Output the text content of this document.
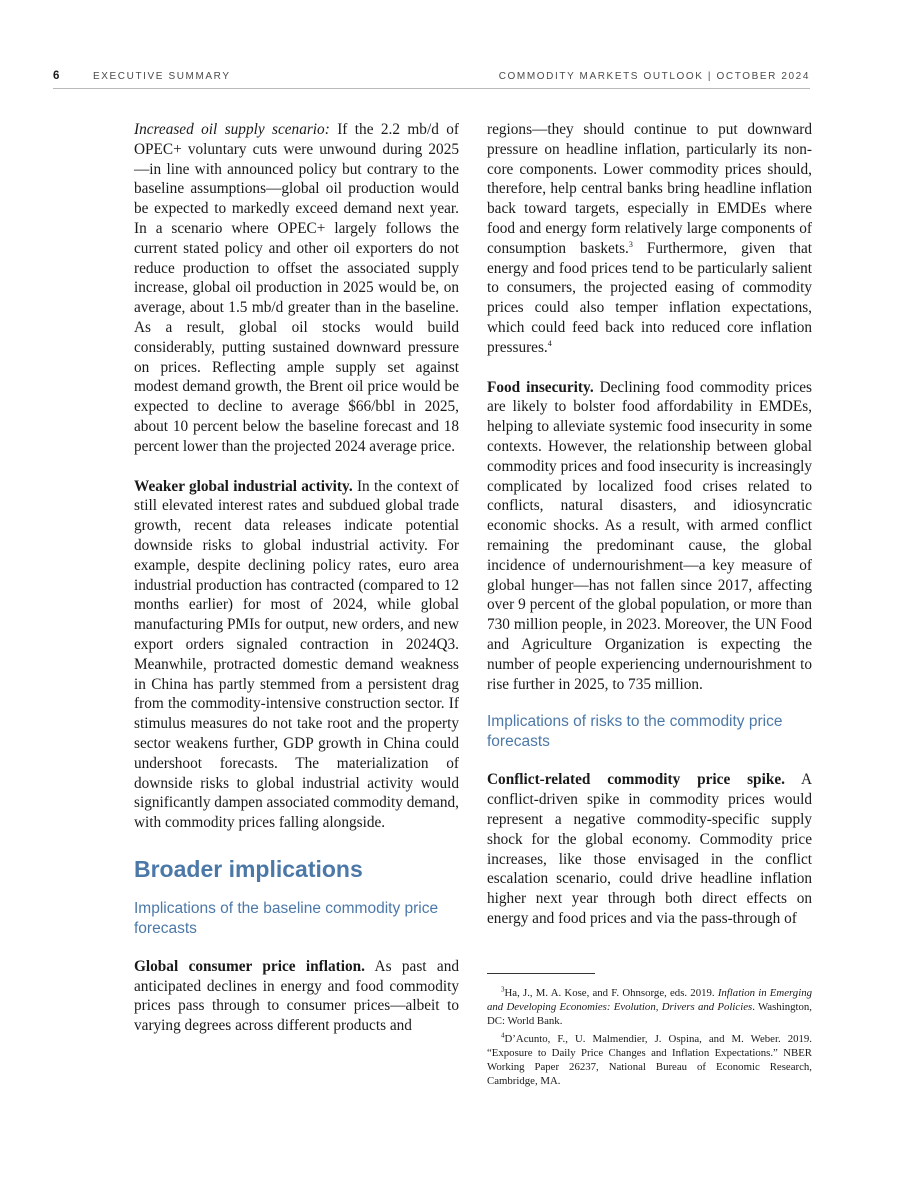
6	EXECUTIVE SUMMARY	COMMODITY MARKETS OUTLOOK | OCTOBER 2024

Increased oil supply scenario: If the 2.2 mb/d of OPEC+ voluntary cuts were unwound during 2025—in line with announced policy but contrary to the baseline assumptions—global oil production would be expected to markedly exceed demand next year. In a scenario where OPEC+ largely follows the current stated policy and other oil exporters do not reduce production to offset the associated supply increase, global oil production in 2025 would be, on average, about 1.5 mb/d greater than in the baseline. As a result, global oil stocks would build considerably, putting sustained downward pressure on prices. Reflecting ample supply set against modest demand growth, the Brent oil price would be expected to decline to average $66/bbl in 2025, about 10 percent below the baseline forecast and 18 percent lower than the projected 2024 average price.

Weaker global industrial activity. In the context of still elevated interest rates and subdued global trade growth, recent data releases indicate potential downside risks to global industrial activity. For example, despite declining policy rates, euro area industrial production has contracted (compared to 12 months earlier) for most of 2024, while global manufacturing PMIs for output, new orders, and new export orders signaled contraction in 2024Q3. Meanwhile, protracted domestic demand weakness in China has partly stemmed from a persistent drag from the commodity-intensive construction sector. If stimulus measures do not take root and the property sector weakens further, GDP growth in China could undershoot forecasts. The materialization of downside risks to global industrial activity would significantly dampen associated commodity demand, with commodity prices falling alongside.

Broader implications
Implications of the baseline commodity price forecasts

Global consumer price inflation. As past and anticipated declines in energy and food commodity prices pass through to consumer prices—albeit to varying degrees across different products and

regions—they should continue to put downward pressure on headline inflation, particularly its non-core components. Lower commodity prices should, therefore, help central banks bring headline inflation back toward targets, especially in EMDEs where food and energy form relatively large components of consumption baskets.$^3$ Furthermore, given that energy and food prices tend to be particularly salient to consumers, the projected easing of commodity prices could also temper inflation expectations, which could feed back into reduced core inflation pressures.$^4$

Food insecurity. Declining food commodity prices are likely to bolster food affordability in EMDEs, helping to alleviate systemic food insecurity in some contexts. However, the relationship between global commodity prices and food insecurity is increasingly complicated by localized food crises related to conflicts, natural disasters, and idiosyncratic economic shocks. As a result, with armed conflict remaining the predominant cause, the global incidence of undernourishment—a key measure of global hunger—has not fallen since 2017, affecting over 9 percent of the global population, or more than 730 million people, in 2023. Moreover, the UN Food and Agriculture Organization is expecting the number of people experiencing undernourishment to rise further in 2025, to 735 million.

Implications of risks to the commodity price forecasts

Conflict-related commodity price spike. A conflict-driven spike in commodity prices would represent a negative commodity-specific supply shock for the global economy. Commodity price increases, like those envisaged in the conflict escalation scenario, could drive headline inflation higher next year through both direct effects on energy and food prices and via the pass-through of

$^3$Ha, J., M. A. Kose, and F. Ohnsorge, eds. 2019. Inflation in Emerging and Developing Economies: Evolution, Drivers and Policies. Washington, DC: World Bank.

$^4$D’Acunto, F., U. Malmendier, J. Ospina, and M. Weber. 2019. “Exposure to Daily Price Changes and Inflation Expectations.” NBER Working Paper 26237, National Bureau of Economic Research, Cambridge, MA.
